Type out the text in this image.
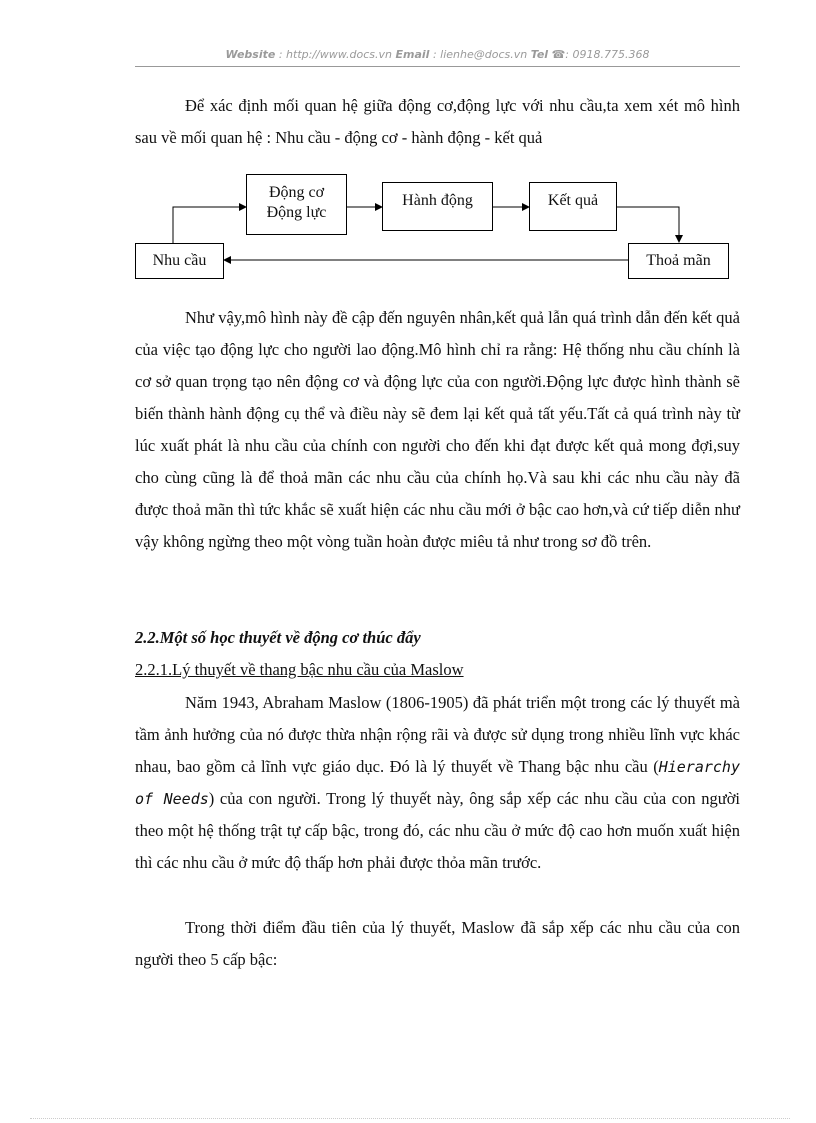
Website : http://www.docs.vn Email : lienhe@docs.vn Tel ☎: 0918.775.368

Để xác định mối quan hệ giữa động cơ,động lực với nhu cầu,ta xem xét mô hình sau về mối quan hệ : Nhu cầu - động cơ - hành động - kết quả

Động cơ
Động lực
Hành động	Kết quả
Nhu cầu	Thoả mãn

Như vậy,mô hình này đề cập đến nguyên nhân,kết quả lẫn quá trình dẫn đến kết quả của việc tạo động lực cho người lao động.Mô hình chỉ ra rằng: Hệ thống nhu cầu chính là cơ sở quan trọng tạo nên động cơ và động lực của con người.Động lực được hình thành sẽ biến thành hành động cụ thể và điều này sẽ đem lại kết quả tất yếu.Tất cả quá trình này từ lúc xuất phát là nhu cầu của chính con người cho đến khi đạt được kết quả mong đợi,suy cho cùng cũng là để thoả mãn các nhu cầu của chính họ.Và sau khi các nhu cầu này đã được thoả mãn thì tức khắc sẽ xuất hiện các nhu cầu mới ở bậc cao hơn,và cứ tiếp diễn như vậy không ngừng theo một vòng tuần hoàn được miêu tả như trong sơ đồ trên.

2.2.Một số học thuyết về động cơ thúc đẩy

2.2.1.Lý thuyết về thang bậc nhu cầu của Maslow

Năm 1943, Abraham Maslow (1806-1905) đã phát triển một trong các lý thuyết mà tầm ảnh hưởng của nó được thừa nhận rộng rãi và được sử dụng trong nhiều lĩnh vực khác nhau, bao gồm cả lĩnh vực giáo dục. Đó là lý thuyết về Thang bậc nhu cầu (Hierarchy of Needs) của con người. Trong lý thuyết này, ông sắp xếp các nhu cầu của con người theo một hệ thống trật tự cấp bậc, trong đó, các nhu cầu ở mức độ cao hơn muốn xuất hiện thì các nhu cầu ở mức độ thấp hơn phải được thỏa mãn trước.

Trong thời điểm đầu tiên của lý thuyết, Maslow đã sắp xếp các nhu cầu của con người theo 5 cấp bậc:
